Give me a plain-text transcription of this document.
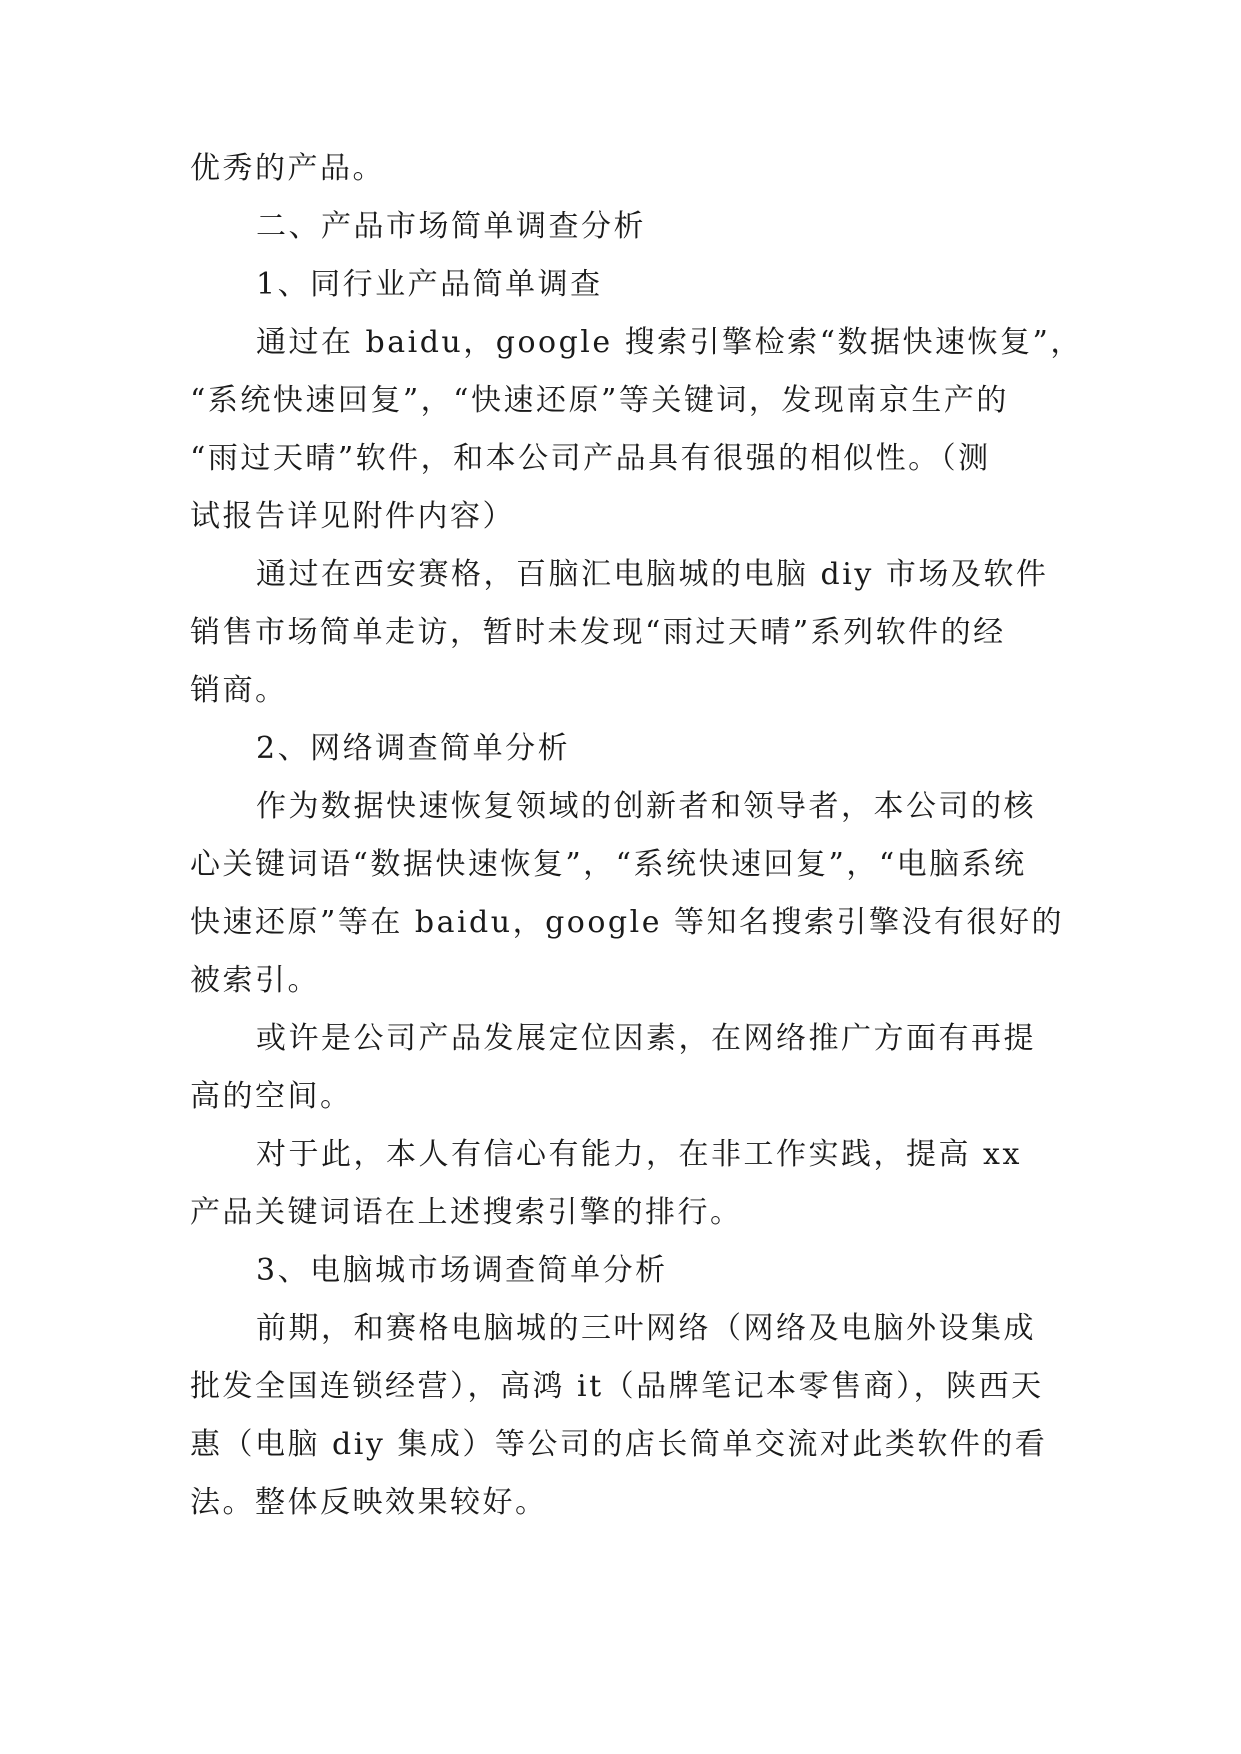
优秀的产品。
二、产品市场简单调查分析
1、同行业产品简单调查
通过在 baidu，google 搜索引擎检索“数据快速恢复”，
“系统快速回复”，“快速还原”等关键词，发现南京生产的
“雨过天晴”软件，和本公司产品具有很强的相似性。（测
试报告详见附件内容）
通过在西安赛格，百脑汇电脑城的电脑 diy 市场及软件
销售市场简单走访，暂时未发现“雨过天晴”系列软件的经
销商。
2、网络调查简单分析
作为数据快速恢复领域的创新者和领导者，本公司的核
心关键词语“数据快速恢复”，“系统快速回复”，“电脑系统
快速还原”等在 baidu，google 等知名搜索引擎没有很好的
被索引。
或许是公司产品发展定位因素，在网络推广方面有再提
高的空间。
对于此，本人有信心有能力，在非工作实践，提高 xx
产品关键词语在上述搜索引擎的排行。
3、电脑城市场调查简单分析
前期，和赛格电脑城的三叶网络（网络及电脑外设集成
批发全国连锁经营），高鸿 it（品牌笔记本零售商），陕西天
惠（电脑 diy 集成）等公司的店长简单交流对此类软件的看
法。整体反映效果较好。
